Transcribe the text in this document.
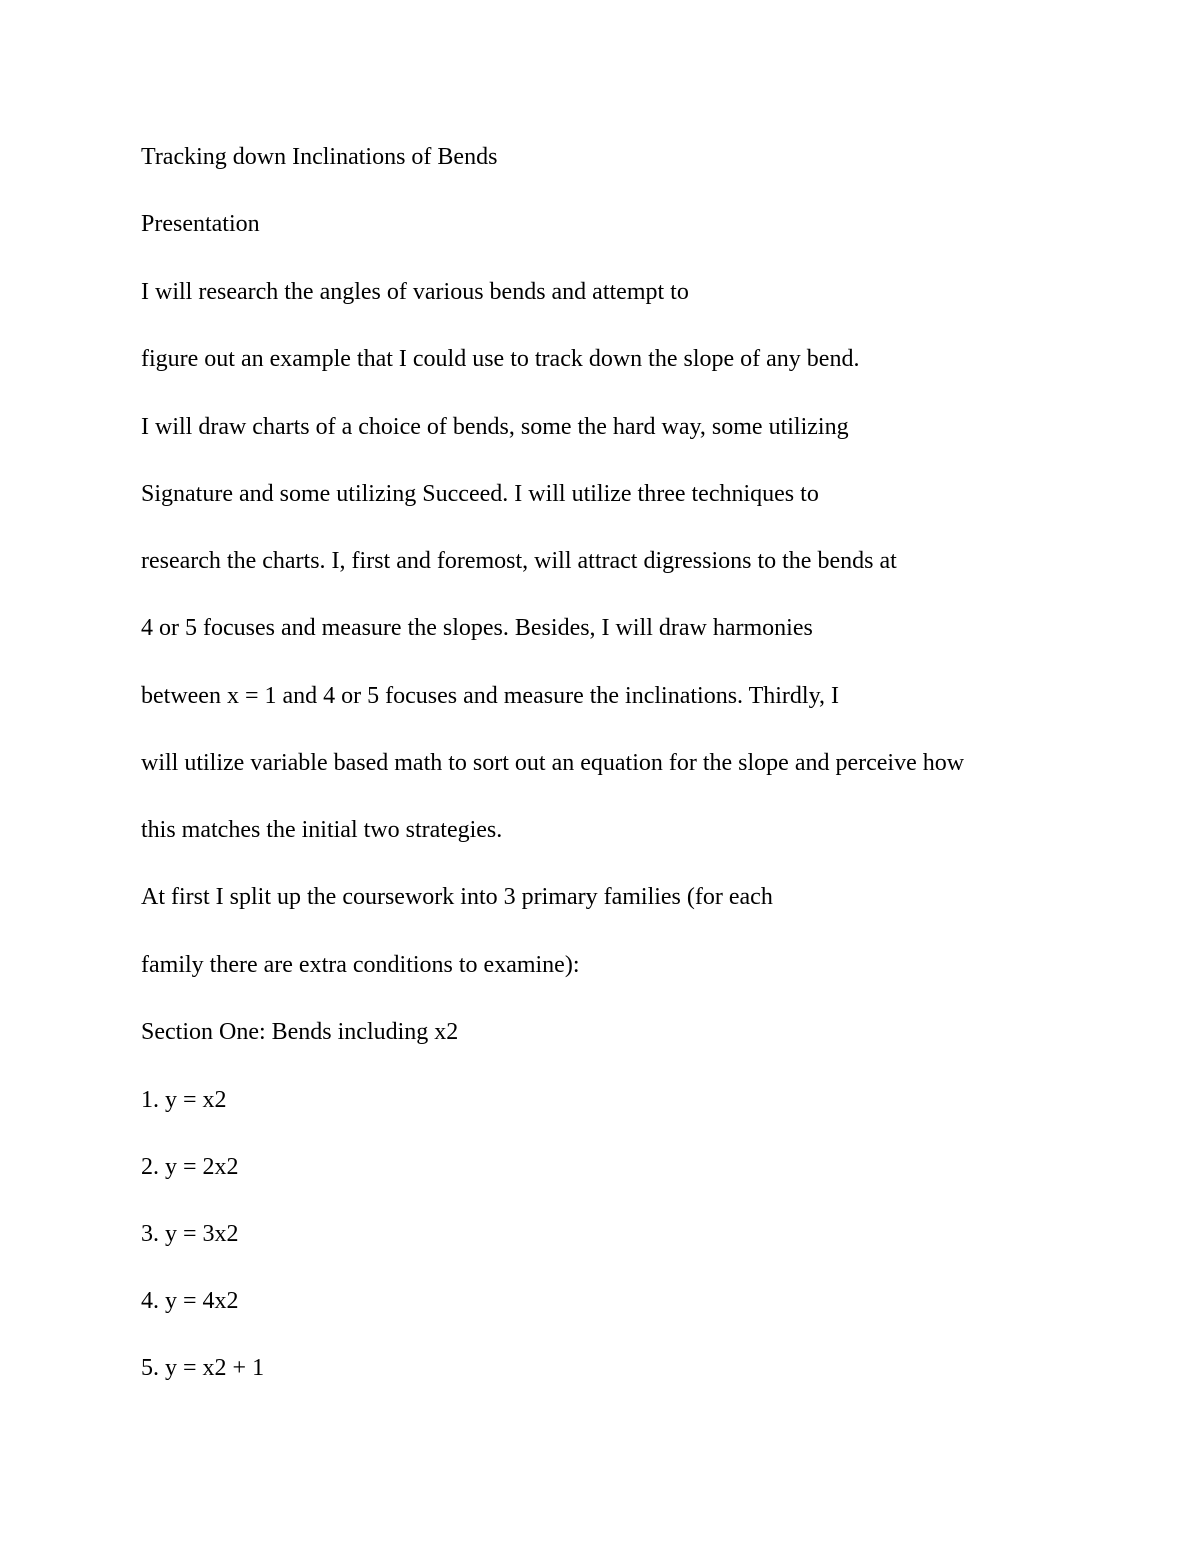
Tracking down Inclinations of Bends

Presentation

I will research the angles of various bends and attempt to

figure out an example that I could use to track down the slope of any bend.

I will draw charts of a choice of bends, some the hard way, some utilizing

Signature and some utilizing Succeed. I will utilize three techniques to

research the charts. I, first and foremost, will attract digressions to the bends at

4 or 5 focuses and measure the slopes. Besides, I will draw harmonies

between x = 1 and 4 or 5 focuses and measure the inclinations. Thirdly, I

will utilize variable based math to sort out an equation for the slope and perceive how

this matches the initial two strategies.

At first I split up the coursework into 3 primary families (for each

family there are extra conditions to examine):

Section One: Bends including x2

1. y = x2

2. y = 2x2

3. y = 3x2

4. y = 4x2

5. y = x2 + 1
